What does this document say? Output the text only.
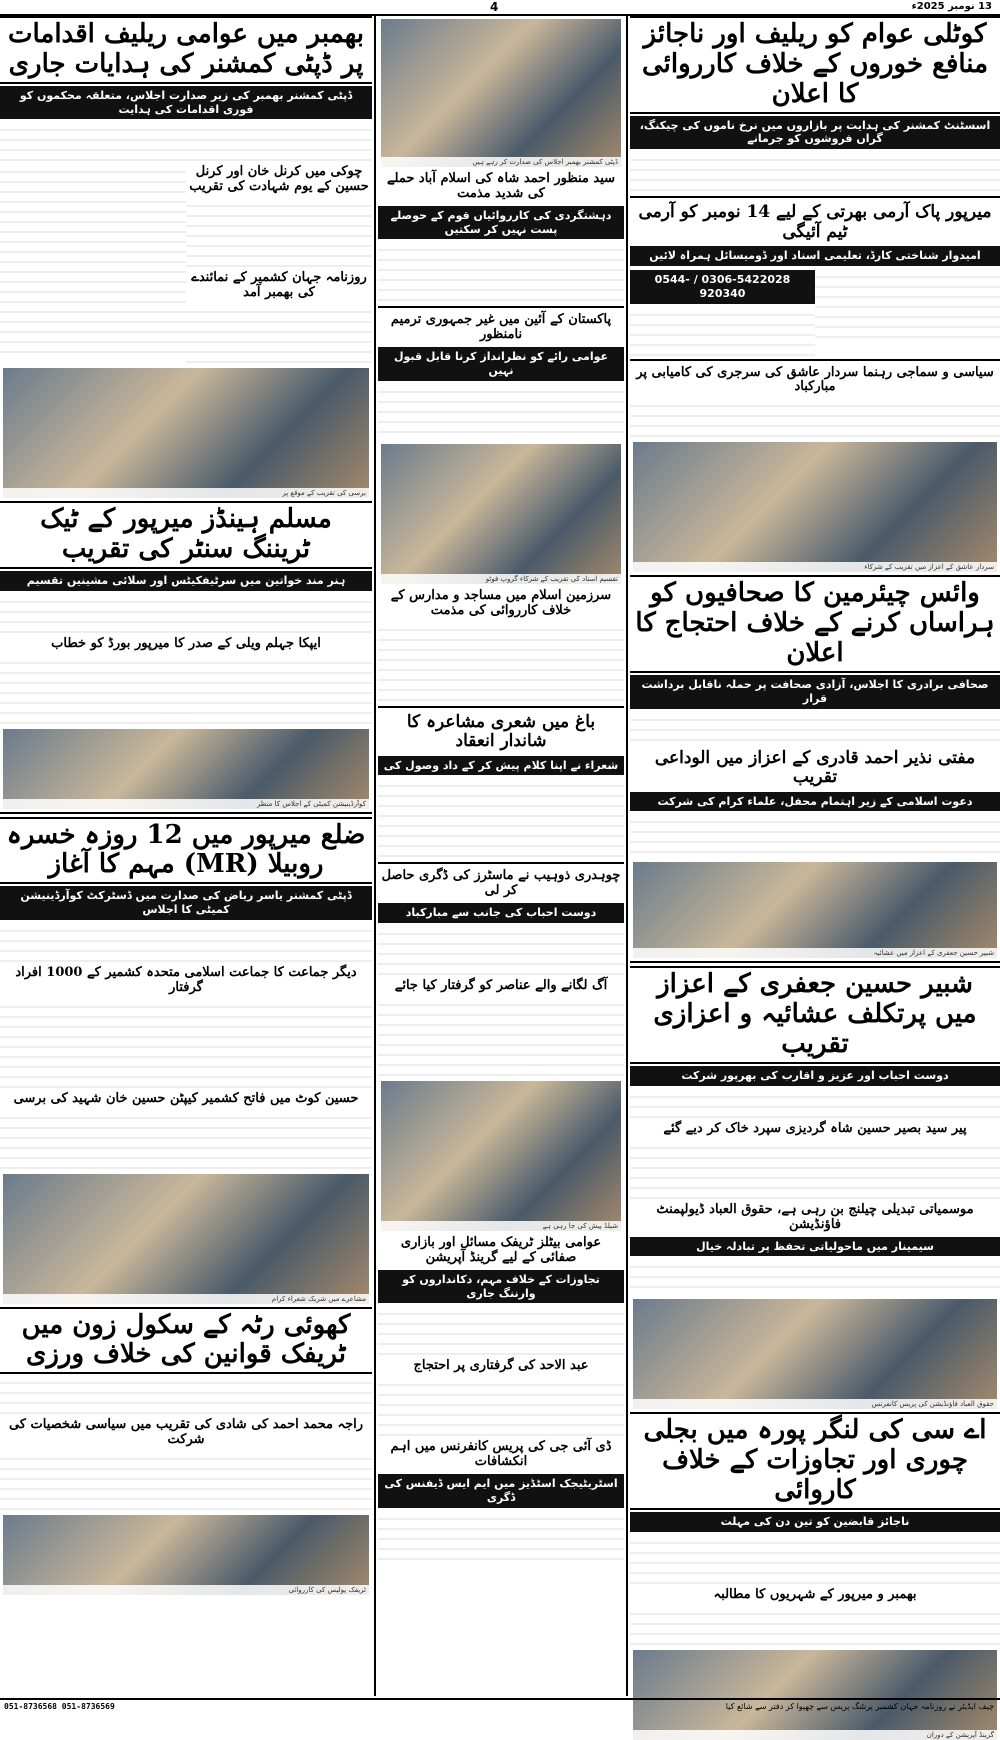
4	13 نومبر 2025ء
کوٹلی عوام کو ریلیف اور ناجائز منافع خوروں کے خلاف کارروائی کا اعلان
اسسٹنٹ کمشنر کی ہدایت پر بازاروں میں نرخ ناموں کی چیکنگ، گراں فروشوں کو جرمانے
میرپور پاک آرمی بھرتی کے لیے 14 نومبر کو آرمی ٹیم آئیگی
امیدوار شناختی کارڈ، تعلیمی اسناد اور ڈومیسائل ہمراہ لائیں
0306-5422028 / 0544-920340
سیاسی و سماجی رہنما سردار عاشق کی سرجری کی کامیابی پر مبارکباد
سردار عاشق کے اعزاز میں تقریب کے شرکاء
وائس چیئرمین کا صحافیوں کو ہراساں کرنے کے خلاف احتجاج کا اعلان
صحافی برادری کا اجلاس، آزادی صحافت پر حملہ ناقابل برداشت قرار
مفتی نذیر احمد قادری کے اعزاز میں الوداعی تقریب
دعوت اسلامی کے زیر اہتمام محفل، علماء کرام کی شرکت
شبیر حسین جعفری کے اعزاز میں عشائیہ
شبیر حسین جعفری کے اعزاز میں پرتکلف عشائیہ و اعزازی تقریب
دوست احباب اور عزیز و اقارب کی بھرپور شرکت
پیر سید بصیر حسین شاہ گردیزی سپرد خاک کر دیے گئے
موسمیاتی تبدیلی چیلنج بن رہی ہے، حقوق العباد ڈیولپمنٹ فاؤنڈیشن
سیمینار میں ماحولیاتی تحفظ پر تبادلہ خیال
حقوق العباد فاؤنڈیشن کی پریس کانفرنس
اے سی کی لنگر پورہ میں بجلی چوری اور تجاوزات کے خلاف کاروائی
ناجائز قابضین کو تین دن کی مہلت
بھمبر و میرپور کے شہریوں کا مطالبہ
گرینڈ آپریشن کے دوران
ڈپٹی کمشنر بھمبر اجلاس کی صدارت کر رہے ہیں
سید منظور احمد شاہ کی اسلام آباد حملے کی شدید مذمت
دہشتگردی کی کارروائیاں قوم کے حوصلے پست نہیں کر سکتیں
پاکستان کے آئین میں غیر جمہوری ترمیم نامنظور
عوامی رائے کو نظرانداز کرنا قابل قبول نہیں
تقسیم اسناد کی تقریب کے شرکاء گروپ فوٹو
سرزمین اسلام میں مساجد و مدارس کے خلاف کارروائی کی مذمت
باغ میں شعری مشاعرہ کا شاندار انعقاد
شعراء نے اپنا کلام پیش کر کے داد وصول کی
چوہدری ذوہیب نے ماسٹرز کی ڈگری حاصل کر لی
دوست احباب کی جانب سے مبارکباد
آگ لگانے والے عناصر کو گرفتار کیا جائے
شیلڈ پیش کی جا رہی ہے
عوامی بیٹلز ٹریفک مسائل اور بازاری صفائی کے لیے گرینڈ آپریشن
تجاوزات کے خلاف مہم، دکانداروں کو وارننگ جاری
عبد الاحد کی گرفتاری پر احتجاج
ڈی آئی جی کی پریس کانفرنس میں اہم انکشافات
اسٹریٹیجک اسٹڈیز میں ایم ایس ڈیفنس کی ڈگری
بھمبر میں عوامی ریلیف اقدامات پر ڈپٹی کمشنر کی ہدایات جاری
ڈپٹی کمشنر بھمبر کی زیر صدارت اجلاس، متعلقہ محکموں کو فوری اقدامات کی ہدایت
چوکی میں کرنل خان اور کرنل حسین کے یوم شہادت کی تقریب
روزنامہ جہان کشمیر کے نمائندے کی بھمبر آمد
برسی کی تقریب کے موقع پر
مسلم ہینڈز میرپور کے ٹیک ٹریننگ سنٹر کی تقریب
ہنر مند خواتین میں سرٹیفکیٹس اور سلائی مشینیں تقسیم
ایپکا جہلم ویلی کے صدر کا میرپور بورڈ کو خطاب
کوآرڈینیشن کمیٹی کے اجلاس کا منظر
ضلع میرپور میں 12 روزہ خسرہ روبیلا (MR) مہم کا آغاز
ڈپٹی کمشنر یاسر ریاض کی صدارت میں ڈسٹرکٹ کوآرڈینیشن کمیٹی کا اجلاس
دیگر جماعت کا جماعت اسلامی متحدہ کشمیر کے 1000 افراد گرفتار
حسین کوٹ میں فاتح کشمیر کیپٹن حسین خان شہید کی برسی
مشاعرے میں شریک شعراء کرام
کھوئی رٹہ کے سکول زون میں ٹریفک قوانین کی خلاف ورزی
راجہ محمد احمد کی شادی کی تقریب میں سیاسی شخصیات کی شرکت
ٹریفک پولیس کی کارروائی
051-8736568 051-8736569	چیف ایڈیٹر نے روزنامہ جہان کشمیر پرنٹنگ پریس سے چھپوا کر دفتر سے شائع کیا
